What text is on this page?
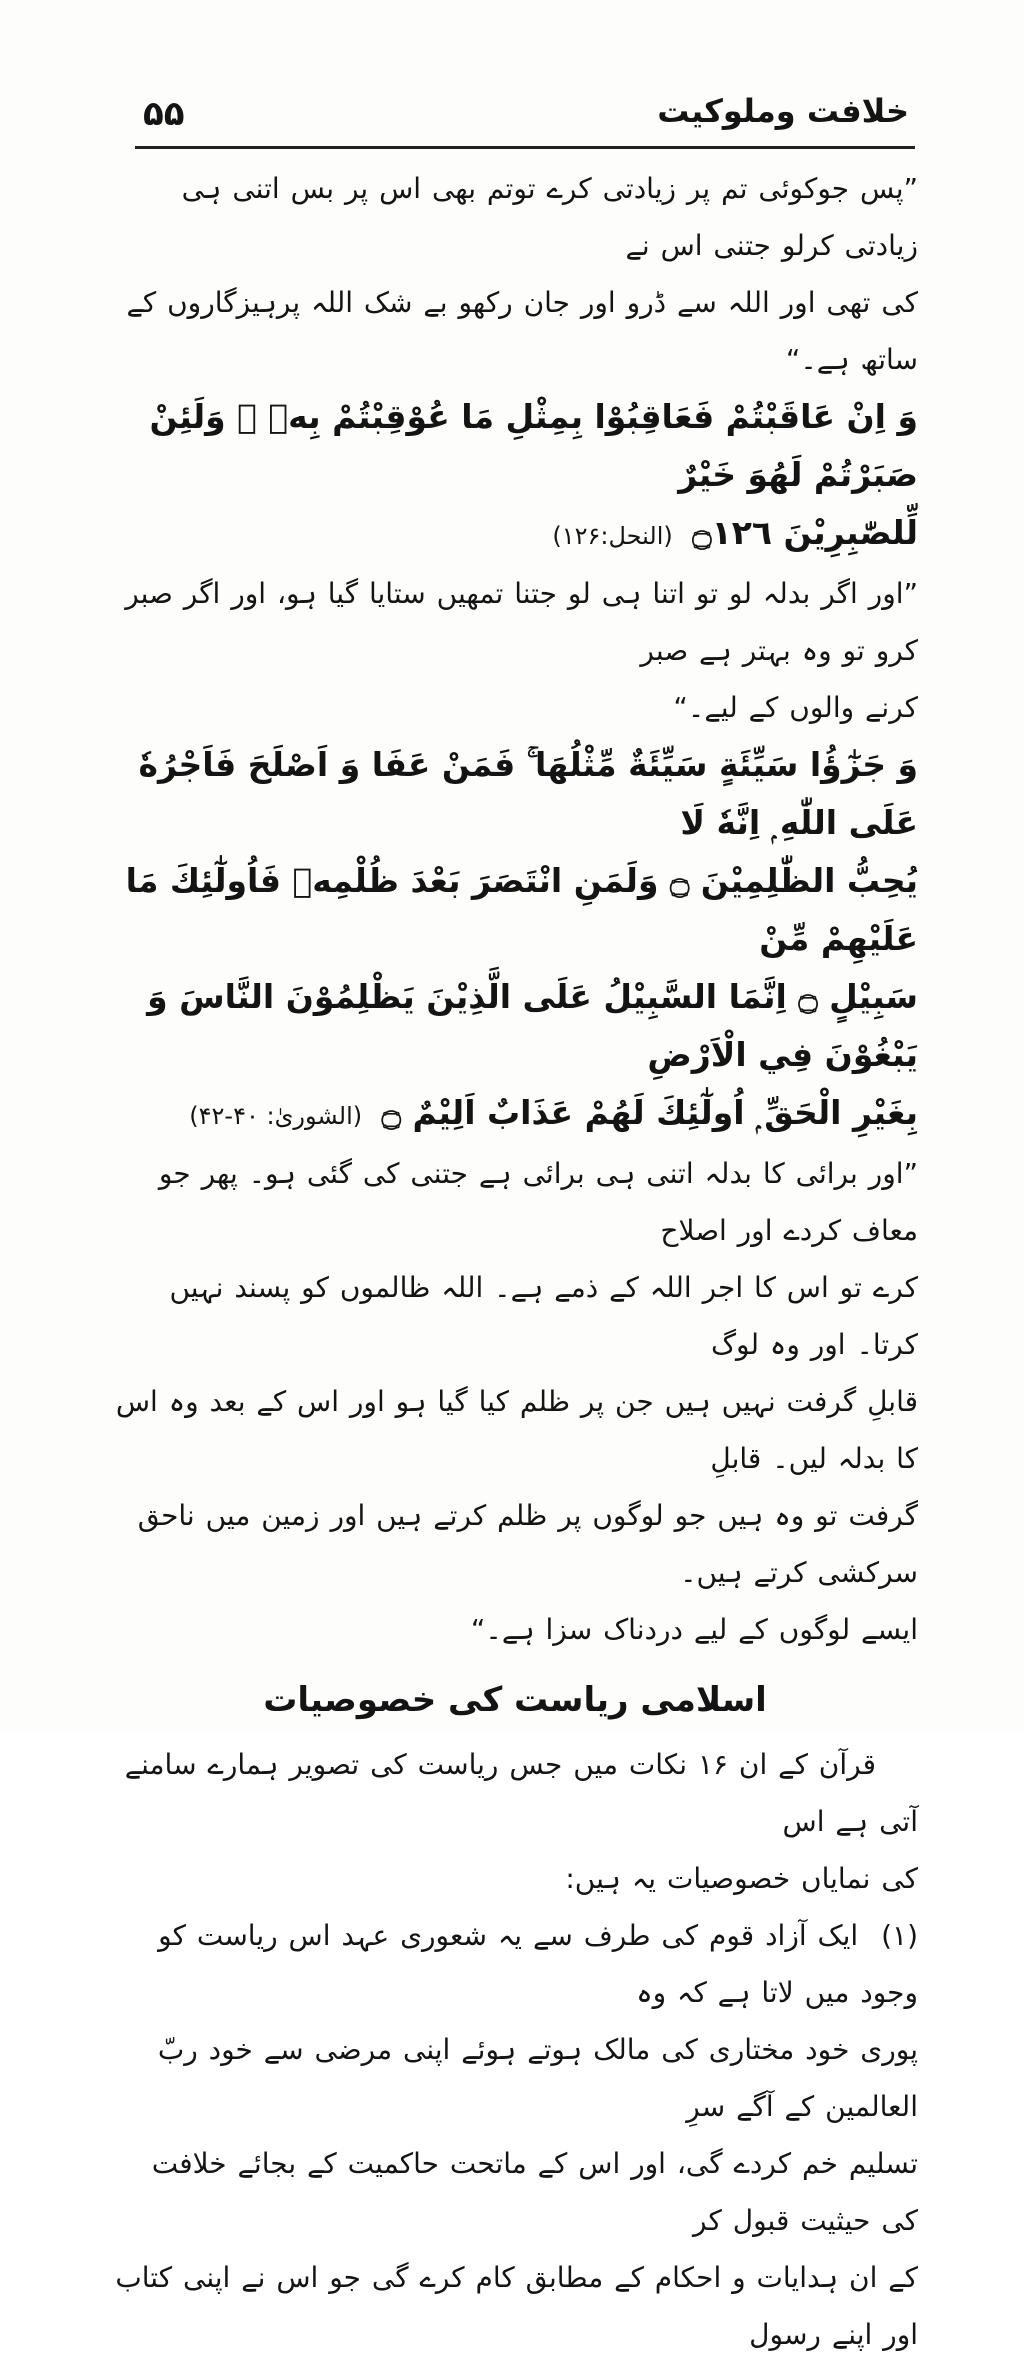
۵۵	خلافت وملوکیت
”پس جوکوئی تم پر زیادتی کرے توتم بھی اس پر بس اتنی ہی زیادتی کرلو جتنی اس نے
کی تھی اور اللہ سے ڈرو اور جان رکھو بے شک اللہ پرہیزگاروں کے ساتھ ہے۔“
وَ اِنْ عَاقَبْتُمْ فَعَاقِبُوْا بِمِثْلِ مَا عُوْقِبْتُمْ بِهٖ ۚ وَلَئِنْ صَبَرْتُمْ لَهُوَ خَيْرٌ
لِّلصّٰبِرِيْنَ ۝١٢٦ (النحل:۱۲۶)
”اور اگر بدلہ لو تو اتنا ہی لو جتنا تمھیں ستایا گیا ہو، اور اگر صبر کرو تو وہ بہتر ہے صبر
کرنے والوں کے لیے۔“
وَ جَزٰٓؤُا سَيِّئَةٍ سَيِّئَةٌ مِّثْلُهَا ۚ فَمَنْ عَفَا وَ اَصْلَحَ فَاَجْرُهٗ عَلَى اللّٰهِ ۭ اِنَّهٗ لَا
يُحِبُّ الظّٰلِمِيْنَ ۝ وَلَمَنِ انْتَصَرَ بَعْدَ ظُلْمِهٖ فَاُولٰٓئِكَ مَا عَلَيْهِمْ مِّنْ
سَبِيْلٍ ۝ اِنَّمَا السَّبِيْلُ عَلَى الَّذِيْنَ يَظْلِمُوْنَ النَّاسَ وَ يَبْغُوْنَ فِي الْاَرْضِ
بِغَيْرِ الْحَقِّ ۭ اُولٰٓئِكَ لَهُمْ عَذَابٌ اَلِيْمٌ ۝ (الشوریٰ: ۴۰-۴۲)
”اور برائی کا بدلہ اتنی ہی برائی ہے جتنی کی گئی ہو۔ پھر جو معاف کردے اور اصلاح
کرے تو اس کا اجر اللہ کے ذمے ہے۔ اللہ ظالموں کو پسند نہیں کرتا۔ اور وہ لوگ
قابلِ گرفت نہیں ہیں جن پر ظلم کیا گیا ہو اور اس کے بعد وہ اس کا بدلہ لیں۔ قابلِ
گرفت تو وہ ہیں جو لوگوں پر ظلم کرتے ہیں اور زمین میں ناحق سرکشی کرتے ہیں۔
ایسے لوگوں کے لیے دردناک سزا ہے۔“
اسلامی ریاست کی خصوصیات
قرآن کے ان ۱۶ نکات میں جس ریاست کی تصویر ہمارے سامنے آتی ہے اس
کی نمایاں خصوصیات یہ ہیں:
(۱) ایک آزاد قوم کی طرف سے یہ شعوری عہد اس ریاست کو وجود میں لاتا ہے کہ وہ
پوری خود مختاری کی مالک ہوتے ہوئے اپنی مرضی سے خود ربّ العالمین کے آگے سرِ
تسلیم خم کردے گی، اور اس کے ماتحت حاکمیت کے بجائے خلافت کی حیثیت قبول کر
کے ان ہدایات و احکام کے مطابق کام کرے گی جو اس نے اپنی کتاب اور اپنے رسول
